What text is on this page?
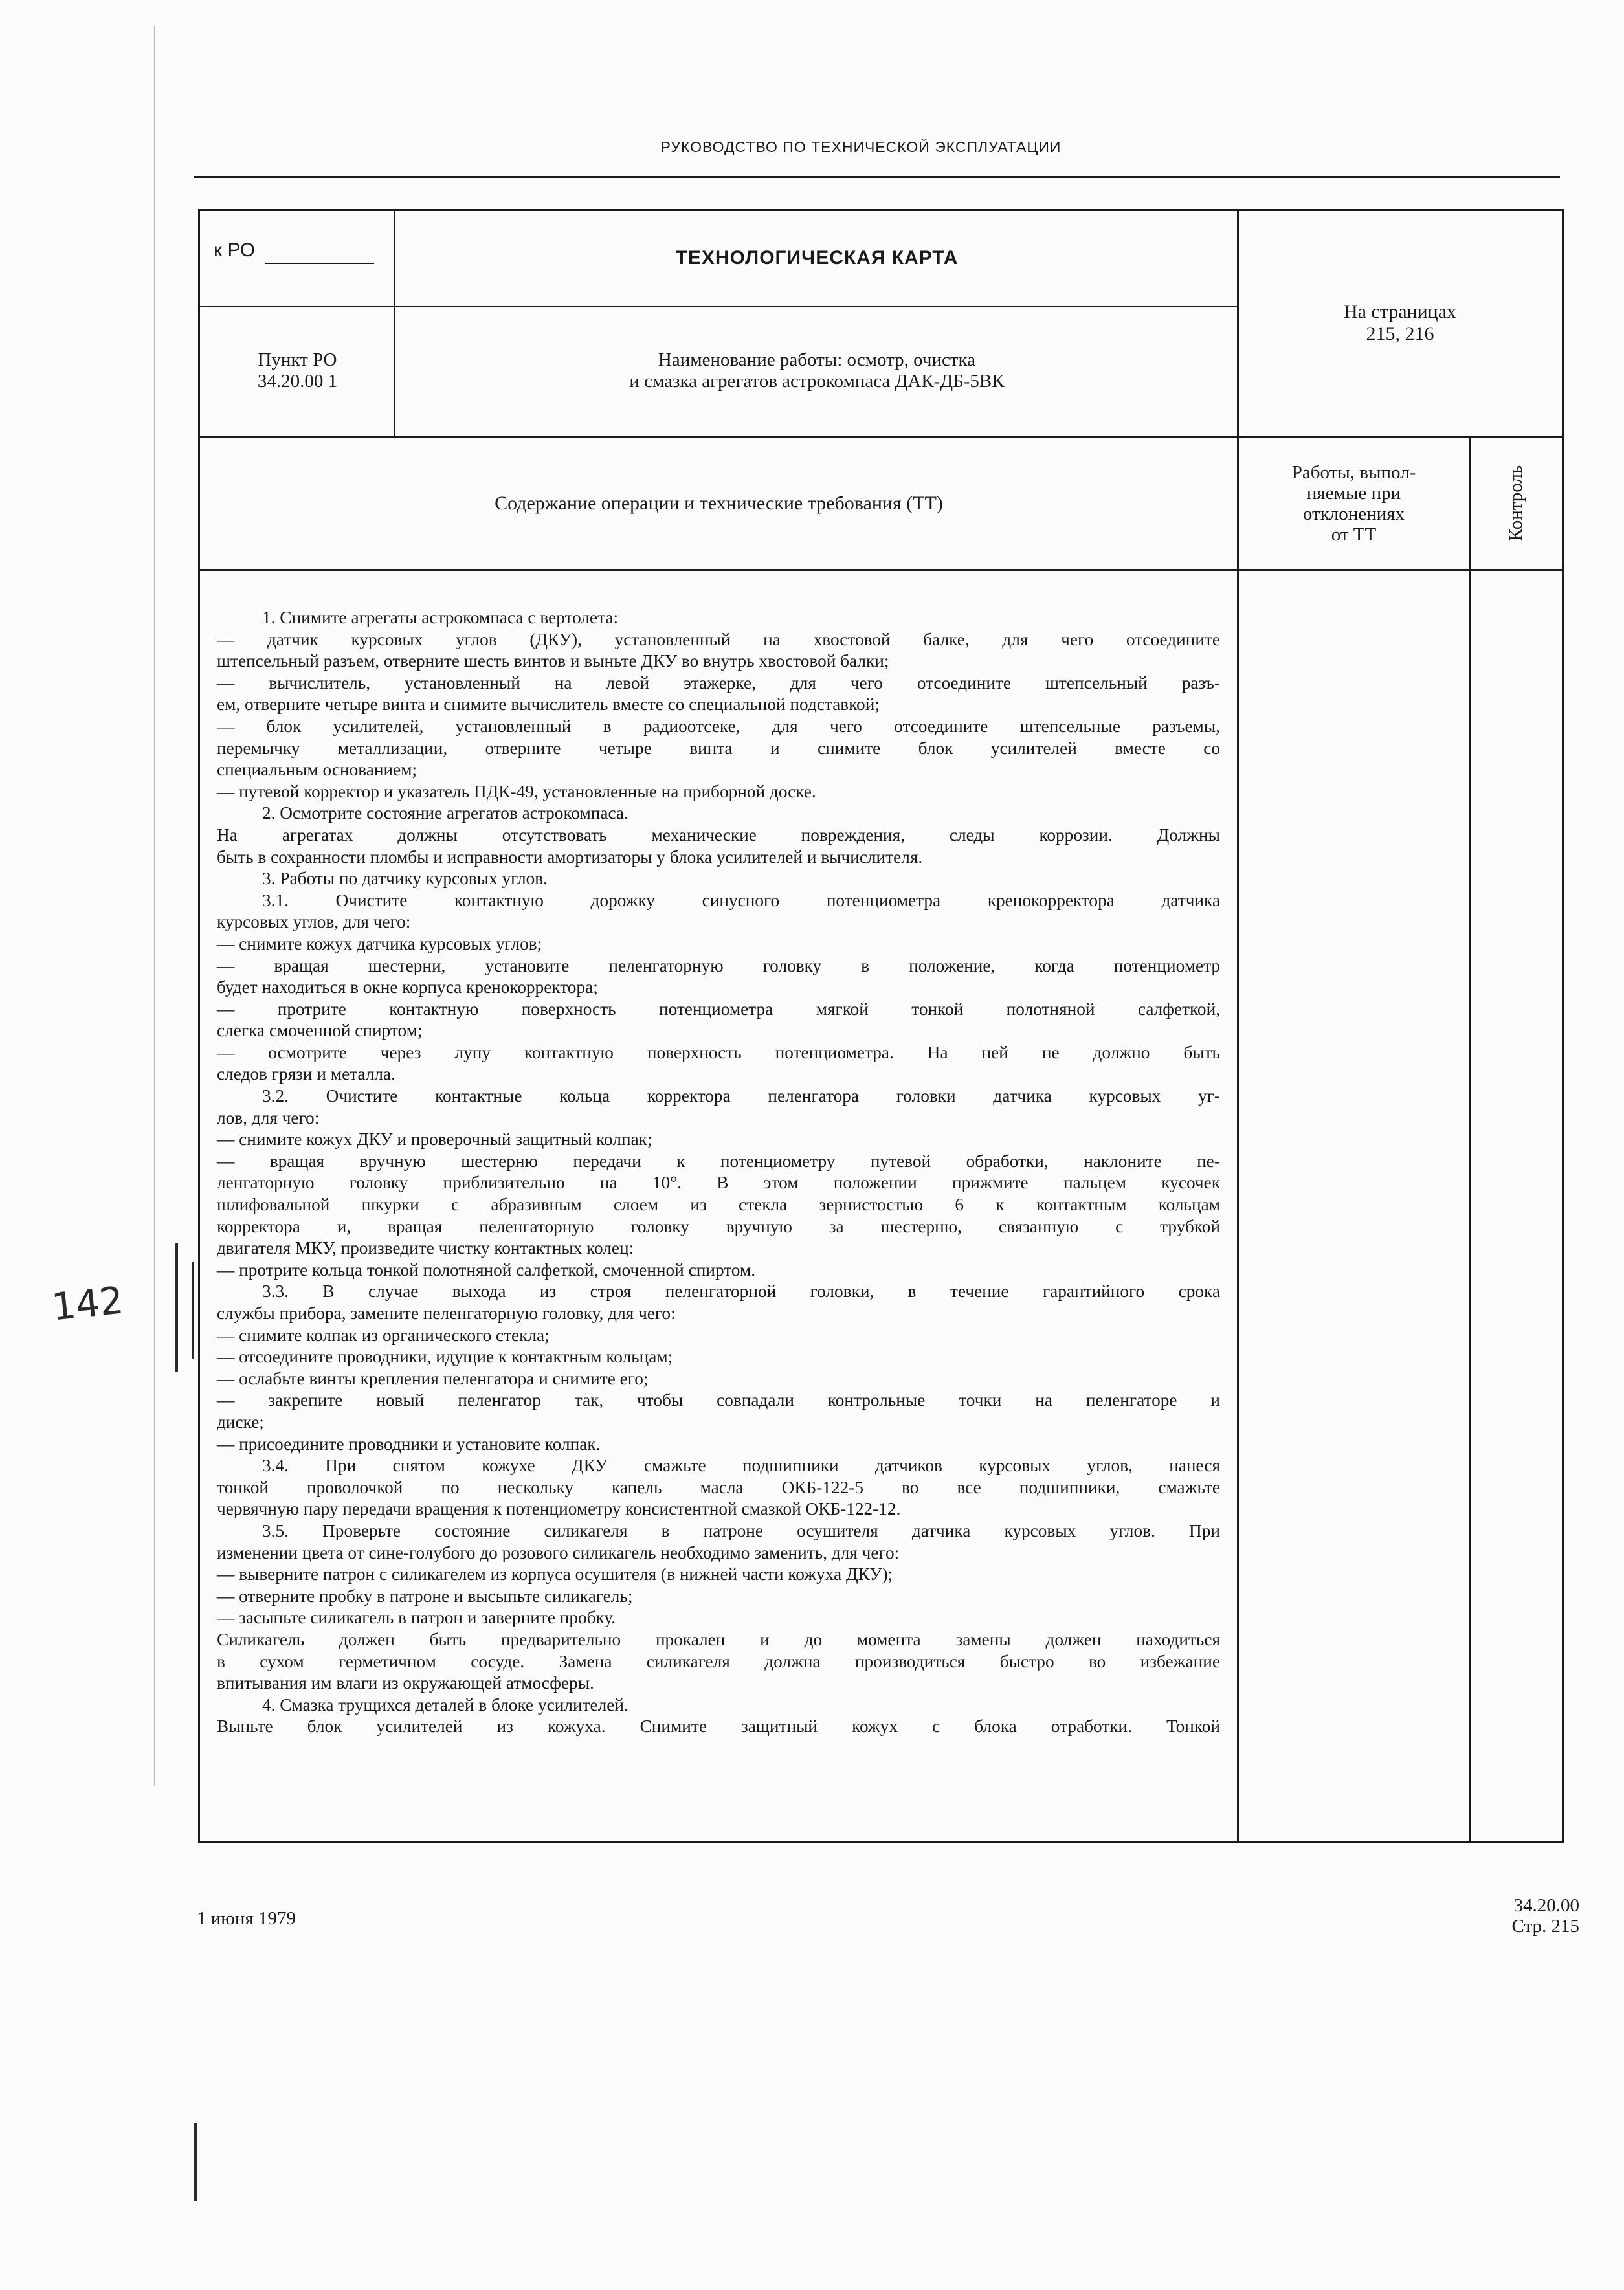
РУКОВОДСТВО ПО ТЕХНИЧЕСКОЙ ЭКСПЛУАТАЦИИ
к РО	ТЕХНОЛОГИЧЕСКАЯ КАРТА
На страницах
215, 216
Пункт РО
34.20.00 1
Наименование работы: осмотр, очистка
и смазка агрегатов астрокомпаса ДАК-ДБ-5ВК
Содержание операции и технические требования (ТТ)
Работы, выпол-
няемые при
отклонениях
от ТТ	Контроль

1. Снимите агрегаты астрокомпаса с вертолета:

— датчик курсовых углов (ДКУ), установленный на хвостовой балке, для чего отсоедините

штепсельный разъем, отверните шесть винтов и выньте ДКУ во внутрь хвостовой балки;

— вычислитель, установленный на левой этажерке, для чего отсоедините штепсельный разъ-

ем, отверните четыре винта и снимите вычислитель вместе со специальной подставкой;

— блок усилителей, установленный в радиоотсеке, для чего отсоедините штепсельные разъемы,

перемычку металлизации, отверните четыре винта и снимите блок усилителей вместе со

специальным основанием;

— путевой корректор и указатель ПДК-49, установленные на приборной доске.

2. Осмотрите состояние агрегатов астрокомпаса.

На агрегатах должны отсутствовать механические повреждения, следы коррозии. Должны

быть в сохранности пломбы и исправности амортизаторы у блока усилителей и вычислителя.

3. Работы по датчику курсовых углов.

3.1. Очистите контактную дорожку синусного потенциометра кренокорректора датчика

курсовых углов, для чего:

— снимите кожух датчика курсовых углов;

— вращая шестерни, установите пеленгаторную головку в положение, когда потенциометр

будет находиться в окне корпуса кренокорректора;

— протрите контактную поверхность потенциометра мягкой тонкой полотняной салфеткой,

слегка смоченной спиртом;

— осмотрите через лупу контактную поверхность потенциометра. На ней не должно быть

следов грязи и металла.

3.2. Очистите контактные кольца корректора пеленгатора головки датчика курсовых уг-

лов, для чего:

— снимите кожух ДКУ и проверочный защитный колпак;

— вращая вручную шестерню передачи к потенциометру путевой обработки, наклоните пе-

ленгаторную головку приблизительно на 10°. В этом положении прижмите пальцем кусочек

шлифовальной шкурки с абразивным слоем из стекла зернистостью 6 к контактным кольцам

корректора и, вращая пеленгаторную головку вручную за шестерню, связанную с трубкой

двигателя МКУ, произведите чистку контактных колец:

— протрите кольца тонкой полотняной салфеткой, смоченной спиртом.

3.3. В случае выхода из строя пеленгаторной головки, в течение гарантийного срока

службы прибора, замените пеленгаторную головку, для чего:

— снимите колпак из органического стекла;

— отсоедините проводники, идущие к контактным кольцам;

— ослабьте винты крепления пеленгатора и снимите его;

— закрепите новый пеленгатор так, чтобы совпадали контрольные точки на пеленгаторе и

диске;

— присоедините проводники и установите колпак.

3.4. При снятом кожухе ДКУ смажьте подшипники датчиков курсовых углов, нанеся

тонкой проволочкой по нескольку капель масла ОКБ-122-5 во все подшипники, смажьте

червячную пару передачи вращения к потенциометру консистентной смазкой ОКБ-122-12.

3.5. Проверьте состояние силикагеля в патроне осушителя датчика курсовых углов. При

изменении цвета от сине-голубого до розового силикагель необходимо заменить, для чего:

— выверните патрон с силикагелем из корпуса осушителя (в нижней части кожуха ДКУ);

— отверните пробку в патроне и высыпьте силикагель;

— засыпьте силикагель в патрон и заверните пробку.

Силикагель должен быть предварительно прокален и до момента замены должен находиться

в сухом герметичном сосуде. Замена силикагеля должна производиться быстро во избежание

впитывания им влаги из окружающей атмосферы.

4. Смазка трущихся деталей в блоке усилителей.

Выньте блок усилителей из кожуха. Снимите защитный кожух с блока отработки. Тонкой

1 июня 1979
34.20.00
Стр. 215
142
